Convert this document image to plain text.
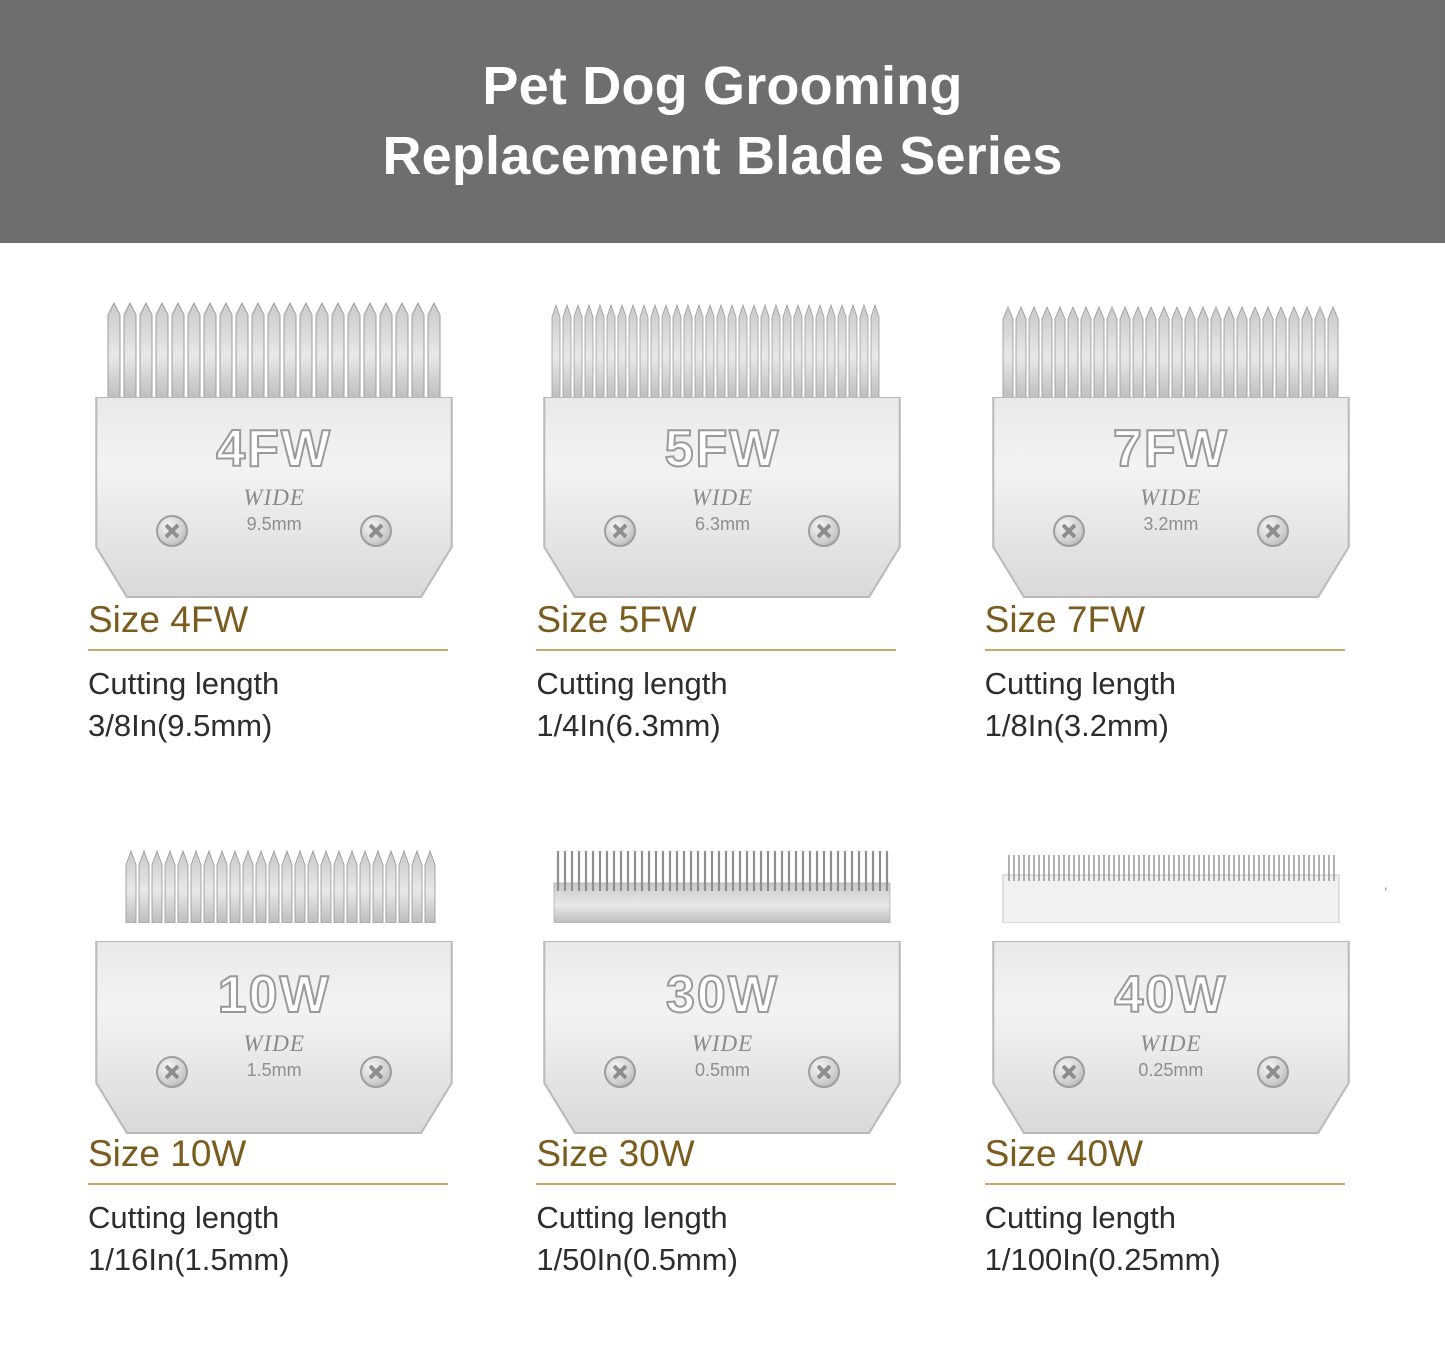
Pet Dog Grooming
Replacement Blade Series
4FW
WIDE
9.5mm
Size 4FW
Cutting length
3/8In(9.5mm)
5FW
WIDE
6.3mm
Size 5FW
Cutting length
1/4In(6.3mm)
7FW
WIDE
3.2mm
Size 7FW
Cutting length
1/8In(3.2mm)
'
10W
WIDE
1.5mm
Size 10W
Cutting length
1/16In(1.5mm)
30W
WIDE
0.5mm
Size 30W
Cutting length
1/50In(0.5mm)
40W
WIDE
0.25mm
Size 40W
Cutting length
1/100In(0.25mm)
